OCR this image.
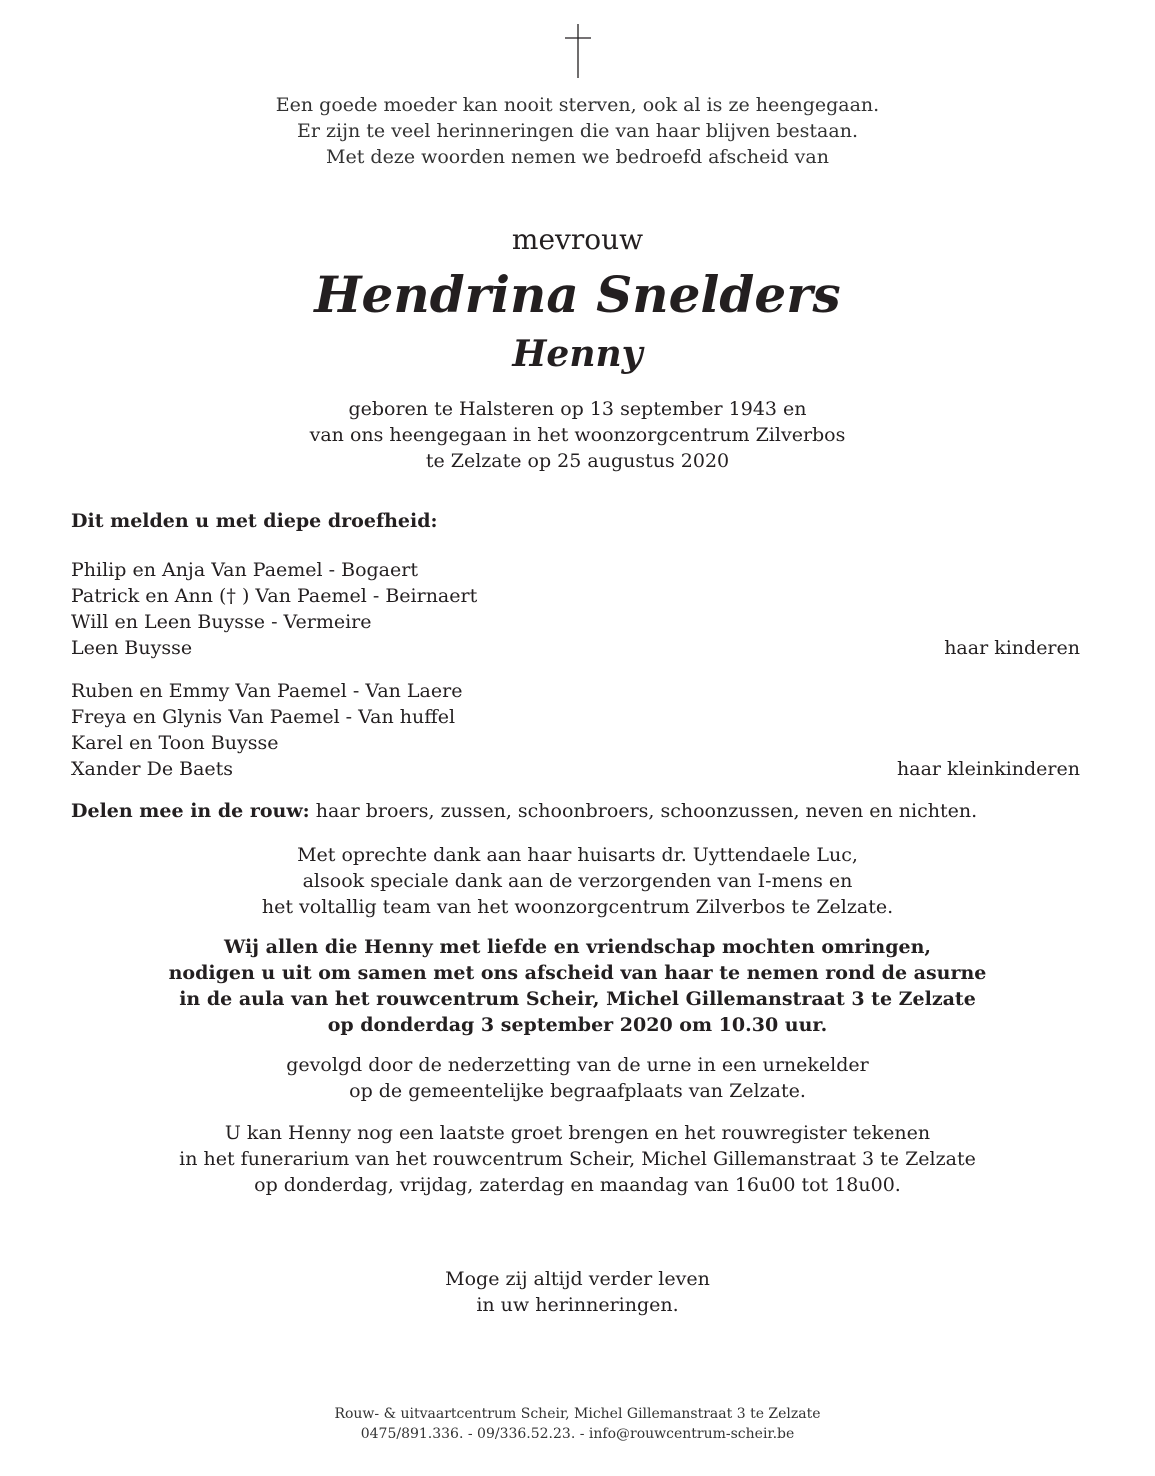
Een goede moeder kan nooit sterven, ook al is ze heengegaan.
Er zijn te veel herinneringen die van haar blijven bestaan.
Met deze woorden nemen we bedroefd afscheid van
mevrouw
Hendrina Snelders
Henny
geboren te Halsteren op 13 september 1943 en
van ons heengegaan in het woonzorgcentrum Zilverbos
te Zelzate op 25 augustus 2020
Dit melden u met diepe droefheid:
Philip en Anja Van Paemel - Bogaert
Patrick en Ann († ) Van Paemel - Beirnaert
Will en Leen Buysse - Vermeire
Leen Buysse	haar kinderen
Ruben en Emmy Van Paemel - Van Laere
Freya en Glynis Van Paemel - Van huffel
Karel en Toon Buysse
Xander De Baets	haar kleinkinderen
Delen mee in de rouw: haar broers, zussen, schoonbroers, schoonzussen, neven en nichten.
Met oprechte dank aan haar huisarts dr. Uyttendaele Luc,
alsook speciale dank aan de verzorgenden van I-mens en
het voltallig team van het woonzorgcentrum Zilverbos te Zelzate.
Wij allen die Henny met liefde en vriendschap mochten omringen,
nodigen u uit om samen met ons afscheid van haar te nemen rond de asurne
in de aula van het rouwcentrum Scheir, Michel Gillemanstraat 3 te Zelzate
op donderdag 3 september 2020 om 10.30 uur.
gevolgd door de nederzetting van de urne in een urnekelder
op de gemeentelijke begraafplaats van Zelzate.
U kan Henny nog een laatste groet brengen en het rouwregister tekenen
in het funerarium van het rouwcentrum Scheir, Michel Gillemanstraat 3 te Zelzate
op donderdag, vrijdag, zaterdag en maandag van 16u00 tot 18u00.
Moge zij altijd verder leven
in uw herinneringen.
Rouw- & uitvaartcentrum Scheir, Michel Gillemanstraat 3 te Zelzate
0475/891.336. - 09/336.52.23. - info@rouwcentrum-scheir.be
